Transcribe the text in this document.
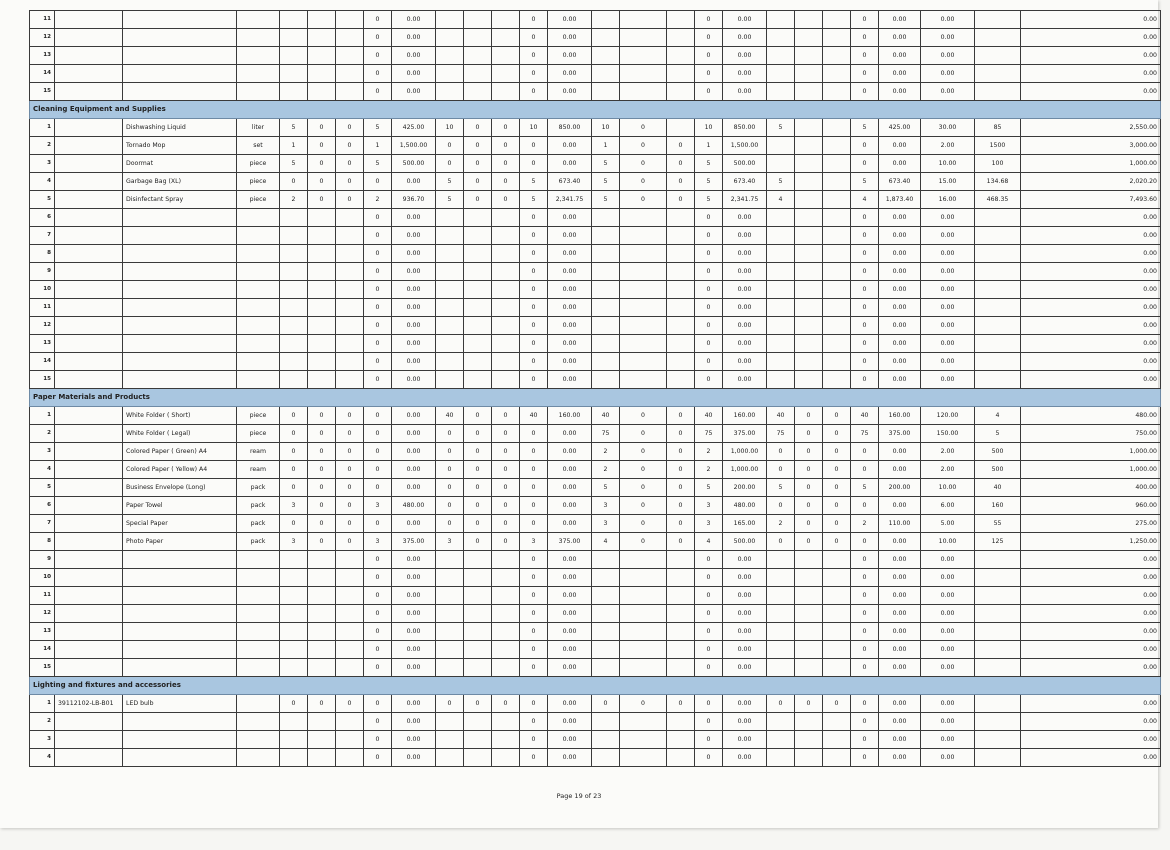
11							0	0.00				0	0.00				0	0.00				0	0.00	0.00		0.00
12							0	0.00				0	0.00				0	0.00				0	0.00	0.00		0.00
13							0	0.00				0	0.00				0	0.00				0	0.00	0.00		0.00
14							0	0.00				0	0.00				0	0.00				0	0.00	0.00		0.00
15							0	0.00				0	0.00				0	0.00				0	0.00	0.00		0.00
Cleaning Equipment and Supplies																										
1		Dishwashing Liquid	liter	5	0	0	5	425.00	10	0	0	10	850.00	10	0		10	850.00	5			5	425.00	30.00	85	2,550.00
2		Tornado Mop	set	1	0	0	1	1,500.00	0	0	0	0	0.00	1	0	0	1	1,500.00				0	0.00	2.00	1500	3,000.00
3		Doormat	piece	5	0	0	5	500.00	0	0	0	0	0.00	5	0	0	5	500.00				0	0.00	10.00	100	1,000.00
4		Garbage Bag (XL)	piece	0	0	0	0	0.00	5	0	0	5	673.40	5	0	0	5	673.40	5			5	673.40	15.00	134.68	2,020.20
5		Disinfectant Spray	piece	2	0	0	2	936.70	5	0	0	5	2,341.75	5	0	0	5	2,341.75	4			4	1,873.40	16.00	468.35	7,493.60
6							0	0.00				0	0.00				0	0.00				0	0.00	0.00		0.00
7							0	0.00				0	0.00				0	0.00				0	0.00	0.00		0.00
8							0	0.00				0	0.00				0	0.00				0	0.00	0.00		0.00
9							0	0.00				0	0.00				0	0.00				0	0.00	0.00		0.00
10							0	0.00				0	0.00				0	0.00				0	0.00	0.00		0.00
11							0	0.00				0	0.00				0	0.00				0	0.00	0.00		0.00
12							0	0.00				0	0.00				0	0.00				0	0.00	0.00		0.00
13							0	0.00				0	0.00				0	0.00				0	0.00	0.00		0.00
14							0	0.00				0	0.00				0	0.00				0	0.00	0.00		0.00
15							0	0.00				0	0.00				0	0.00				0	0.00	0.00		0.00
Paper Materials and Products																										
1		White Folder ( Short)	piece	0	0	0	0	0.00	40	0	0	40	160.00	40	0	0	40	160.00	40	0	0	40	160.00	120.00	4	480.00
2		White Folder ( Legal)	piece	0	0	0	0	0.00	0	0	0	0	0.00	75	0	0	75	375.00	75	0	0	75	375.00	150.00	5	750.00
3		Colored Paper ( Green) A4	ream	0	0	0	0	0.00	0	0	0	0	0.00	2	0	0	2	1,000.00	0	0	0	0	0.00	2.00	500	1,000.00
4		Colored Paper ( Yellow) A4	ream	0	0	0	0	0.00	0	0	0	0	0.00	2	0	0	2	1,000.00	0	0	0	0	0.00	2.00	500	1,000.00
5		Business Envelope (Long)	pack	0	0	0	0	0.00	0	0	0	0	0.00	5	0	0	5	200.00	5	0	0	5	200.00	10.00	40	400.00
6		Paper Towel	pack	3	0	0	3	480.00	0	0	0	0	0.00	3	0	0	3	480.00	0	0	0	0	0.00	6.00	160	960.00
7		Special Paper	pack	0	0	0	0	0.00	0	0	0	0	0.00	3	0	0	3	165.00	2	0	0	2	110.00	5.00	55	275.00
8		Photo Paper	pack	3	0	0	3	375.00	3	0	0	3	375.00	4	0	0	4	500.00	0	0	0	0	0.00	10.00	125	1,250.00
9							0	0.00				0	0.00				0	0.00				0	0.00	0.00		0.00
10							0	0.00				0	0.00				0	0.00				0	0.00	0.00		0.00
11							0	0.00				0	0.00				0	0.00				0	0.00	0.00		0.00
12							0	0.00				0	0.00				0	0.00				0	0.00	0.00		0.00
13							0	0.00				0	0.00				0	0.00				0	0.00	0.00		0.00
14							0	0.00				0	0.00				0	0.00				0	0.00	0.00		0.00
15							0	0.00				0	0.00				0	0.00				0	0.00	0.00		0.00
Lighting and fixtures and accessories																										
1	39112102-LB-B01	LED bulb		0	0	0	0	0.00	0	0	0	0	0.00	0	0	0	0	0.00	0	0	0	0	0.00	0.00		0.00
2							0	0.00				0	0.00				0	0.00				0	0.00	0.00		0.00
3							0	0.00				0	0.00				0	0.00				0	0.00	0.00		0.00
4							0	0.00				0	0.00				0	0.00				0	0.00	0.00		0.00
Page 19 of 23
